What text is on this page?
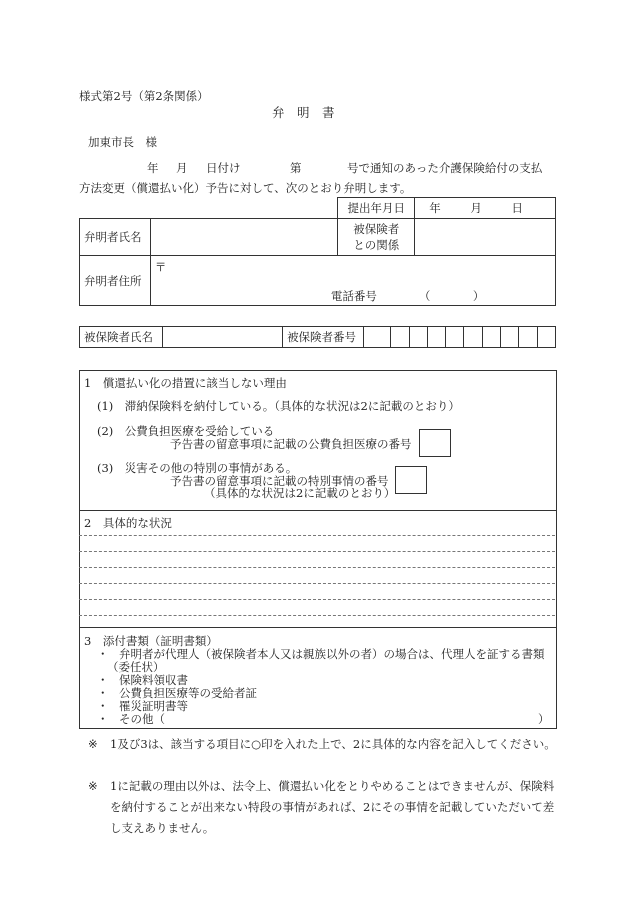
様式第2号（第2条関係）
弁　明　書
加東市長　様
年 月 日付け	第	号で通知のあった介護保険給付の支払
方法変更（償還払い化）予告に対して、次のとおり弁明します。
		提出年月日	年 月 日
弁明者氏名		被保険者
との関係	

弁明者住所	〒
電話番号 （ ）		
被保険者氏名		被保険者番号										
1　償還払い化の措置に該当しない理由
(1)　滞納保険料を納付している。（具体的な状況は2に記載のとおり）
(2)　公費負担医療を受給している
予告書の留意事項に記載の公費負担医療の番号
(3)　災害その他の特別の事情がある。
予告書の留意事項に記載の特別事情の番号
（具体的な状況は2に記載のとおり）
2　具体的な状況
3　添付書類（証明書類）
・ 弁明者が代理人（被保険者本人又は親族以外の者）の場合は、代理人を証する書類
（委任状）
・ 保険料領収書
・ 公費負担医療等の受給者証
・ 罹災証明書等
・ その他（	）
※ 1及び3は、該当する項目に○印を入れた上で、2に具体的な内容を記入してください。
※ 1に記載の理由以外は、法令上、償還払い化をとりやめることはできませんが、保険料を納付することが出来ない特段の事情があれば、2にその事情を記載していただいて差し支えありません。
